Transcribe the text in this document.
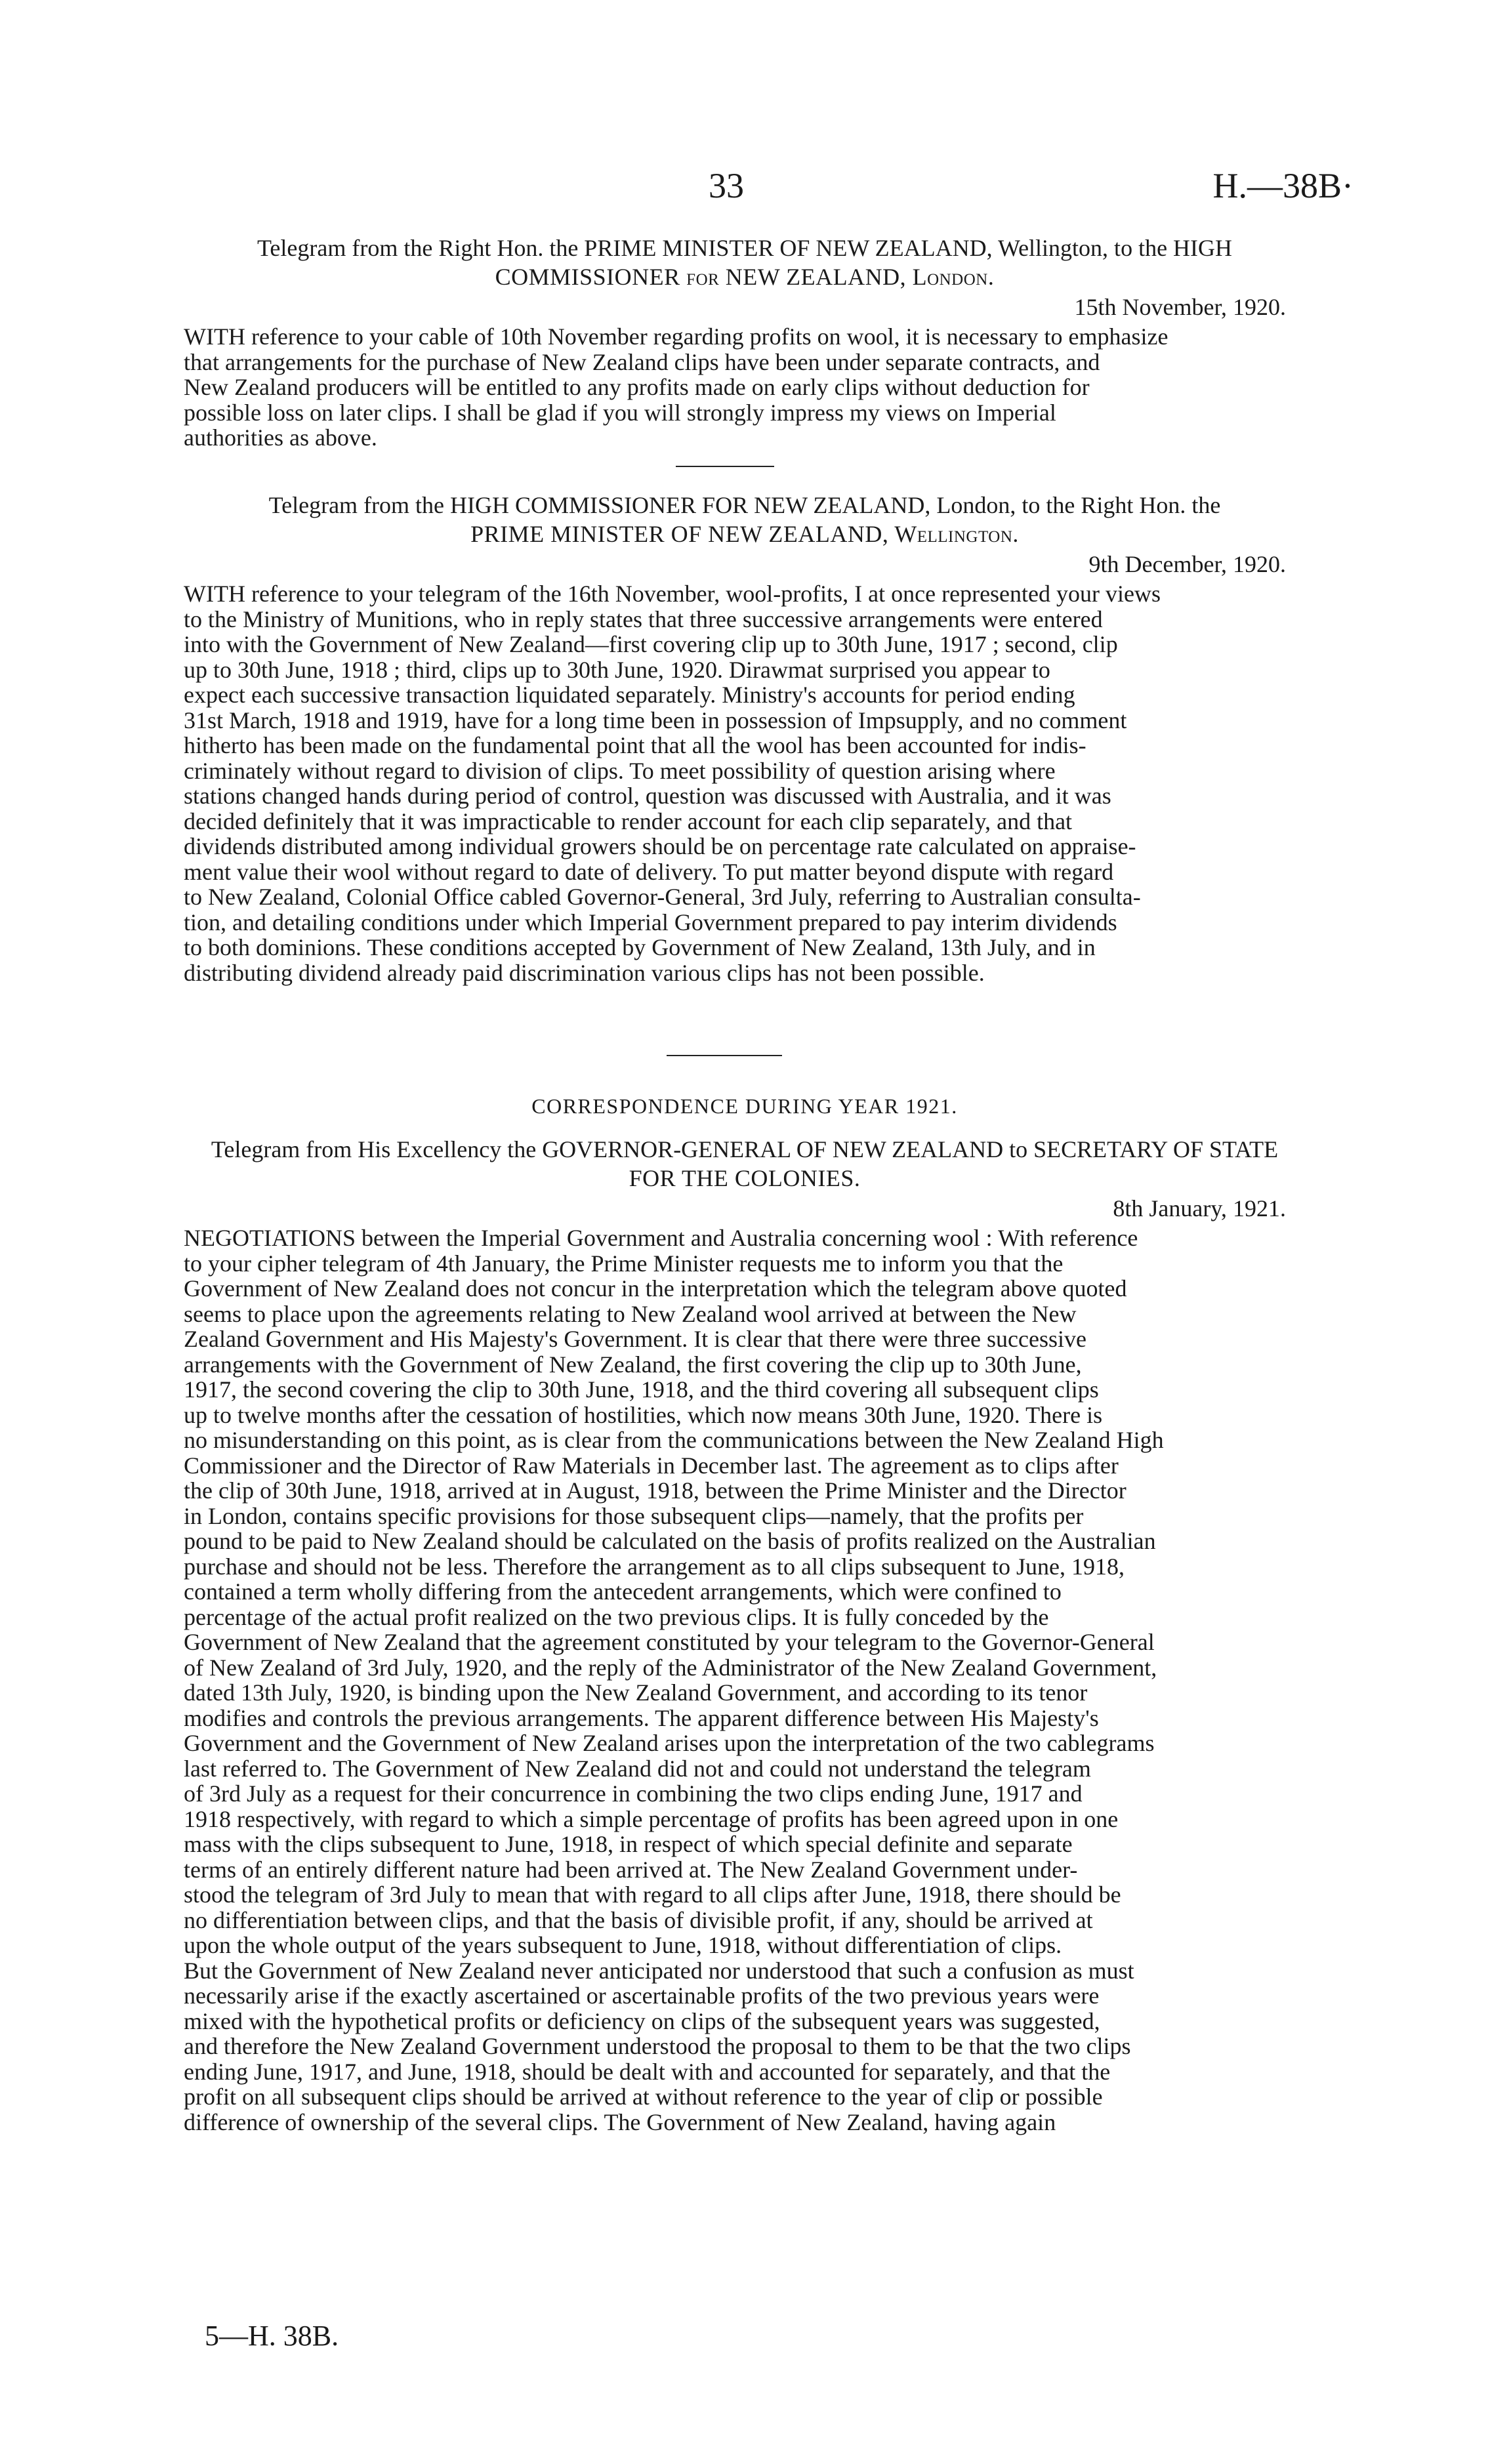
33	H.—38B·

Telegram from the Right Hon. the PRIME MINISTER OF NEW ZEALAND, Wellington, to the HIGH

COMMISSIONER for NEW ZEALAND, London.

15th November, 1920.

WITH reference to your cable of 10th November regarding profits on wool, it is necessary to emphasize
that arrangements for the purchase of New Zealand clips have been under separate contracts, and
New Zealand producers will be entitled to any profits made on early clips without deduction for
possible loss on later clips. I shall be glad if you will strongly impress my views on Imperial
authorities as above.

Telegram from the HIGH COMMISSIONER FOR NEW ZEALAND, London, to the Right Hon. the

PRIME MINISTER OF NEW ZEALAND, Wellington.

9th December, 1920.

WITH reference to your telegram of the 16th November, wool-profits, I at once represented your views
to the Ministry of Munitions, who in reply states that three successive arrangements were entered
into with the Government of New Zealand—first covering clip up to 30th June, 1917 ; second, clip
up to 30th June, 1918 ; third, clips up to 30th June, 1920. Dirawmat surprised you appear to
expect each successive transaction liquidated separately. Ministry's accounts for period ending
31st March, 1918 and 1919, have for a long time been in possession of Impsupply, and no comment
hitherto has been made on the fundamental point that all the wool has been accounted for indis-
criminately without regard to division of clips. To meet possibility of question arising where
stations changed hands during period of control, question was discussed with Australia, and it was
decided definitely that it was impracticable to render account for each clip separately, and that
dividends distributed among individual growers should be on percentage rate calculated on appraise-
ment value their wool without regard to date of delivery. To put matter beyond dispute with regard
to New Zealand, Colonial Office cabled Governor-General, 3rd July, referring to Australian consulta-
tion, and detailing conditions under which Imperial Government prepared to pay interim dividends
to both dominions. These conditions accepted by Government of New Zealand, 13th July, and in
distributing dividend already paid discrimination various clips has not been possible.

CORRESPONDENCE DURING YEAR 1921.

Telegram from His Excellency the GOVERNOR-GENERAL OF NEW ZEALAND to SECRETARY OF STATE

FOR THE COLONIES.

8th January, 1921.

NEGOTIATIONS between the Imperial Government and Australia concerning wool : With reference
to your cipher telegram of 4th January, the Prime Minister requests me to inform you that the
Government of New Zealand does not concur in the interpretation which the telegram above quoted
seems to place upon the agreements relating to New Zealand wool arrived at between the New
Zealand Government and His Majesty's Government. It is clear that there were three successive
arrangements with the Government of New Zealand, the first covering the clip up to 30th June,
1917, the second covering the clip to 30th June, 1918, and the third covering all subsequent clips
up to twelve months after the cessation of hostilities, which now means 30th June, 1920. There is
no misunderstanding on this point, as is clear from the communications between the New Zealand High
Commissioner and the Director of Raw Materials in December last. The agreement as to clips after
the clip of 30th June, 1918, arrived at in August, 1918, between the Prime Minister and the Director
in London, contains specific provisions for those subsequent clips—namely, that the profits per
pound to be paid to New Zealand should be calculated on the basis of profits realized on the Australian
purchase and should not be less. Therefore the arrangement as to all clips subsequent to June, 1918,
contained a term wholly differing from the antecedent arrangements, which were confined to
percentage of the actual profit realized on the two previous clips. It is fully conceded by the
Government of New Zealand that the agreement constituted by your telegram to the Governor-General
of New Zealand of 3rd July, 1920, and the reply of the Administrator of the New Zealand Government,
dated 13th July, 1920, is binding upon the New Zealand Government, and according to its tenor
modifies and controls the previous arrangements. The apparent difference between His Majesty's
Government and the Government of New Zealand arises upon the interpretation of the two cablegrams
last referred to. The Government of New Zealand did not and could not understand the telegram
of 3rd July as a request for their concurrence in combining the two clips ending June, 1917 and
1918 respectively, with regard to which a simple percentage of profits has been agreed upon in one
mass with the clips subsequent to June, 1918, in respect of which special definite and separate
terms of an entirely different nature had been arrived at. The New Zealand Government under-
stood the telegram of 3rd July to mean that with regard to all clips after June, 1918, there should be
no differentiation between clips, and that the basis of divisible profit, if any, should be arrived at
upon the whole output of the years subsequent to June, 1918, without differentiation of clips.
But the Government of New Zealand never anticipated nor understood that such a confusion as must
necessarily arise if the exactly ascertained or ascertainable profits of the two previous years were
mixed with the hypothetical profits or deficiency on clips of the subsequent years was suggested,
and therefore the New Zealand Government understood the proposal to them to be that the two clips
ending June, 1917, and June, 1918, should be dealt with and accounted for separately, and that the
profit on all subsequent clips should be arrived at without reference to the year of clip or possible
difference of ownership of the several clips. The Government of New Zealand, having again

5—H. 38B.
